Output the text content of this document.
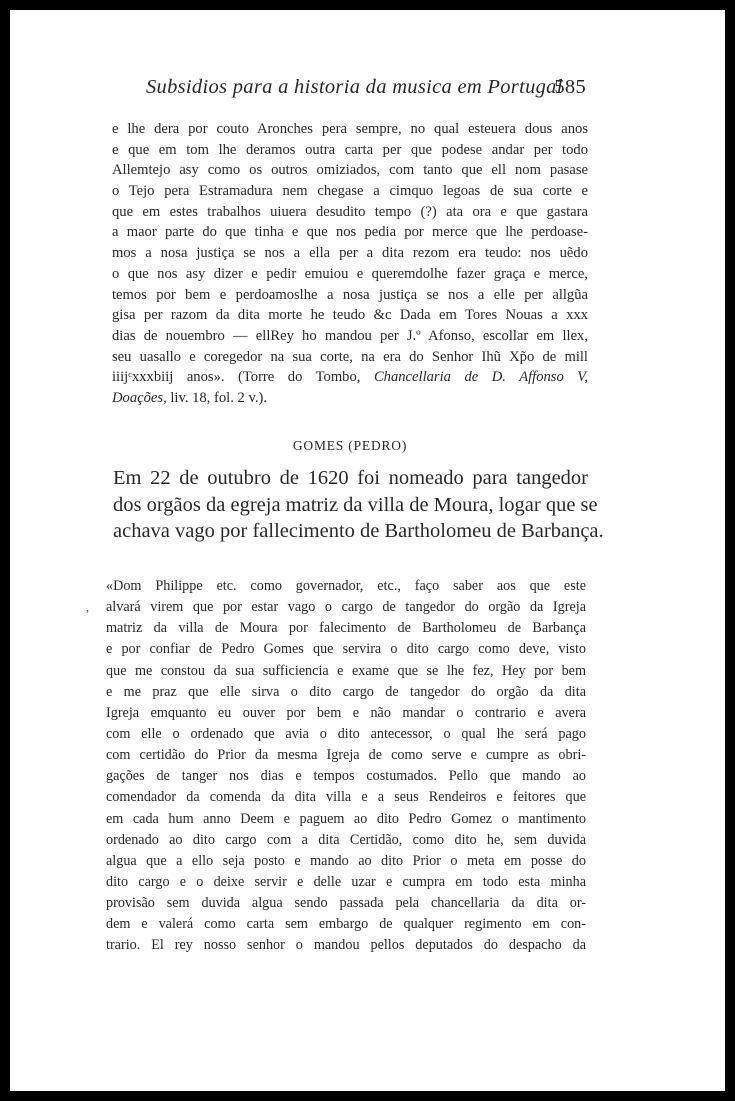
Subsidios para a historia da musica em Portugal
585
e lhe dera por couto Aronches pera sempre, no qual esteuera dous anos
e que em tom lhe deramos outra carta per que podese andar per todo
Allemtejo asy como os outros omiziados, com tanto que ell nom pasase
o Tejo pera Estramadura nem chegase a cimquo legoas de sua corte e
que em estes trabalhos uiuera desudito tempo (?) ata ora e que gastara
a maor parte do que tinha e que nos pedia por merce que lhe perdoase-
mos a nosa justiça se nos a ella per a dita rezom era teudo: nos uẽdo
o que nos asy dizer e pedir emuiou e queremdolhe fazer graça e merce,
temos por bem e perdoamoslhe a nosa justiça se nos a elle per allgũa
gisa per razom da dita morte he teudo &c Dada em Tores Nouas a xxx
dias de nouembro — ellRey ho mandou per J.º Afonso, escollar em llex,
seu uasallo e coregedor na sua corte, na era do Senhor Ihũ Xp̃o de mill
iiijᶜxxxbiij anos». (Torre do Tombo, Chancellaria de D. Affonso V,
Doações, liv. 18, fol. 2 v.).
GOMES (PEDRO)
Em 22 de outubro de 1620 foi nomeado para tangedor
dos orgãos da egreja matriz da villa de Moura, logar que se
achava vago por fallecimento de Bartholomeu de Barbança.
,
«Dom Philippe etc. como governador, etc., faço saber aos que este
alvará virem que por estar vago o cargo de tangedor do orgão da Igreja
matriz da villa de Moura por falecimento de Bartholomeu de Barbança
e por confiar de Pedro Gomes que servira o dito cargo como deve, visto
que me constou da sua sufficiencia e exame que se lhe fez, Hey por bem
e me praz que elle sirva o dito cargo de tangedor do orgão da dita
Igreja emquanto eu ouver por bem e não mandar o contrario e avera
com elle o ordenado que avia o dito antecessor, o qual lhe será pago
com certidão do Prior da mesma Igreja de como serve e cumpre as obri-
gações de tanger nos dias e tempos costumados. Pello que mando ao
comendador da comenda da dita villa e a seus Rendeiros e feitores que
em cada hum anno Deem e paguem ao dito Pedro Gomez o mantimento
ordenado ao dito cargo com a dita Certidão, como dito he, sem duvida
algua que a ello seja posto e mando ao dito Prior o meta em posse do
dito cargo e o deixe servir e delle uzar e cumpra em todo esta minha
provisão sem duvida algua sendo passada pela chancellaria da dita or-
dem e valerá como carta sem embargo de qualquer regimento em con-
trario. El rey nosso senhor o mandou pellos deputados do despacho da
